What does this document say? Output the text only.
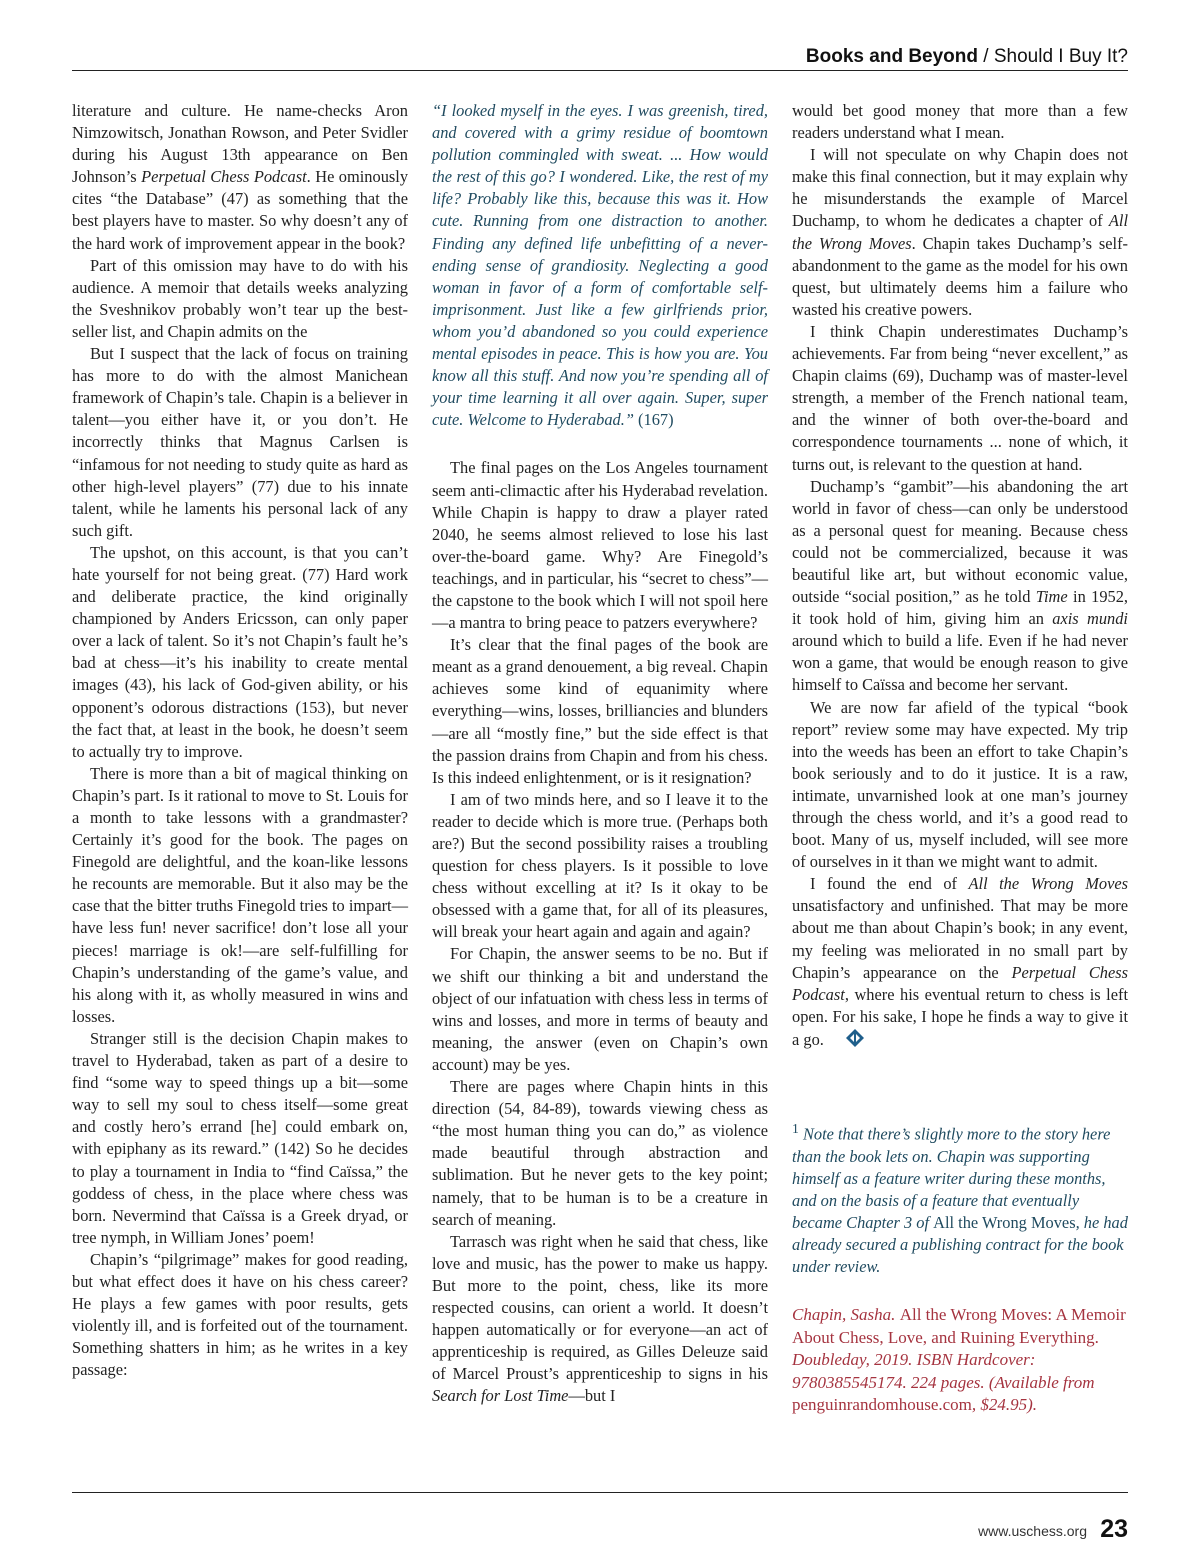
Books and Beyond / Should I Buy It?

literature and culture. He name-checks Aron Nimzowitsch, Jonathan Rowson, and Peter Svidler during his August 13th appearance on Ben Johnson’s Perpetual Chess Podcast. He ominously cites “the Database” (47) as something that the best players have to master. So why doesn’t any of the hard work of improvement appear in the book?

Part of this omission may have to do with his audience. A memoir that details weeks analyzing the Sveshnikov probably won’t tear up the best-seller list, and Chapin admits on the

But I suspect that the lack of focus on training has more to do with the almost Manichean framework of Chapin’s tale. Chapin is a believer in talent—you either have it, or you don’t. He incorrectly thinks that Magnus Carlsen is “infamous for not needing to study quite as hard as other high-level players” (77) due to his innate talent, while he laments his personal lack of any such gift.

The upshot, on this account, is that you can’t hate yourself for not being great. (77) Hard work and deliberate practice, the kind originally championed by Anders Ericsson, can only paper over a lack of talent. So it’s not Chapin’s fault he’s bad at chess—it’s his inability to create mental images (43), his lack of God-given ability, or his opponent’s odorous distractions (153), but never the fact that, at least in the book, he doesn’t seem to actually try to improve.

There is more than a bit of magical thinking on Chapin’s part. Is it rational to move to St. Louis for a month to take lessons with a grandmaster? Certainly it’s good for the book. The pages on Finegold are delightful, and the koan-like lessons he recounts are memorable. But it also may be the case that the bitter truths Finegold tries to impart—have less fun! never sacrifice! don’t lose all your pieces! marriage is ok!—are self-fulfilling for Chapin’s understanding of the game’s value, and his along with it, as wholly measured in wins and losses.

Stranger still is the decision Chapin makes to travel to Hyderabad, taken as part of a desire to find “some way to speed things up a bit—some way to sell my soul to chess itself—some great and costly hero’s errand [he] could embark on, with epiphany as its reward.” (142) So he decides to play a tournament in India to “find Caïssa,” the goddess of chess, in the place where chess was born. Nevermind that Caïssa is a Greek dryad, or tree nymph, in William Jones’ poem!

Chapin’s “pilgrimage” makes for good reading, but what effect does it have on his chess career? He plays a few games with poor results, gets violently ill, and is forfeited out of the tournament. Something shatters in him; as he writes in a key passage:

“I looked myself in the eyes. I was greenish, tired, and covered with a grimy residue of boomtown pollution commingled with sweat. ... How would the rest of this go? I wondered. Like, the rest of my life? Probably like this, because this was it. How cute. Running from one distraction to another. Finding any defined life unbefitting of a never-ending sense of grandiosity. Neglecting a good woman in favor of a form of comfortable self-imprisonment. Just like a few girlfriends prior, whom you’d abandoned so you could experience mental episodes in peace. This is how you are. You know all this stuff. And now you’re spending all of your time learning it all over again. Super, super cute. Welcome to Hyderabad.” (167)

The final pages on the Los Angeles tournament seem anti-climactic after his Hyderabad revelation. While Chapin is happy to draw a player rated 2040, he seems almost relieved to lose his last over-the-board game. Why? Are Finegold’s teachings, and in particular, his “secret to chess”—the capstone to the book which I will not spoil here—a mantra to bring peace to patzers everywhere?

It’s clear that the final pages of the book are meant as a grand denouement, a big reveal. Chapin achieves some kind of equanimity where everything—wins, losses, brilliancies and blunders—are all “mostly fine,” but the side effect is that the passion drains from Chapin and from his chess. Is this indeed enlightenment, or is it resignation?

I am of two minds here, and so I leave it to the reader to decide which is more true. (Perhaps both are?) But the second possibility raises a troubling question for chess players. Is it possible to love chess without excelling at it? Is it okay to be obsessed with a game that, for all of its pleasures, will break your heart again and again and again?

For Chapin, the answer seems to be no. But if we shift our thinking a bit and understand the object of our infatuation with chess less in terms of wins and losses, and more in terms of beauty and meaning, the answer (even on Chapin’s own account) may be yes.

There are pages where Chapin hints in this direction (54, 84-89), towards viewing chess as “the most human thing you can do,” as violence made beautiful through abstraction and sublimation. But he never gets to the key point; namely, that to be human is to be a creature in search of meaning.

Tarrasch was right when he said that chess, like love and music, has the power to make us happy. But more to the point, chess, like its more respected cousins, can orient a world. It doesn’t happen automatically or for everyone—an act of apprenticeship is required, as Gilles Deleuze said of Marcel Proust’s apprenticeship to signs in his Search for Lost Time—but I

would bet good money that more than a few readers understand what I mean.

I will not speculate on why Chapin does not make this final connection, but it may explain why he misunderstands the example of Marcel Duchamp, to whom he dedicates a chapter of All the Wrong Moves. Chapin takes Duchamp’s self-abandonment to the game as the model for his own quest, but ultimately deems him a failure who wasted his creative powers.

I think Chapin underestimates Duchamp’s achievements. Far from being “never excellent,” as Chapin claims (69), Duchamp was of master-level strength, a member of the French national team, and the winner of both over-the-board and correspondence tournaments ... none of which, it turns out, is relevant to the question at hand.

Duchamp’s “gambit”—his abandoning the art world in favor of chess—can only be understood as a personal quest for meaning. Because chess could not be commercialized, because it was beautiful like art, but without economic value, outside “social position,” as he told Time in 1952, it took hold of him, giving him an axis mundi around which to build a life. Even if he had never won a game, that would be enough reason to give himself to Caïssa and become her servant.

We are now far afield of the typical “book report” review some may have expected. My trip into the weeds has been an effort to take Chapin’s book seriously and to do it justice. It is a raw, intimate, unvarnished look at one man’s journey through the chess world, and it’s a good read to boot. Many of us, myself included, will see more of ourselves in it than we might want to admit.

I found the end of All the Wrong Moves unsatisfactory and unfinished. That may be more about me than about Chapin’s book; in any event, my feeling was meliorated in no small part by Chapin’s appearance on the Perpetual Chess Podcast, where his eventual return to chess is left open. For his sake, I hope he finds a way to give it a go.

$^1$ Note that there’s slightly more to the story here than the book lets on. Chapin was supporting himself as a feature writer during these months, and on the basis of a feature that eventually became Chapter 3 of All the Wrong Moves, he had already secured a publishing contract for the book under review.
Chapin, Sasha. All the Wrong Moves: A Memoir About Chess, Love, and Ruining Everything. Doubleday, 2019. ISBN Hardcover: 9780385545174. 224 pages. (Available from penguinrandomhouse.com, $24.95).
www.uschess.org 23
